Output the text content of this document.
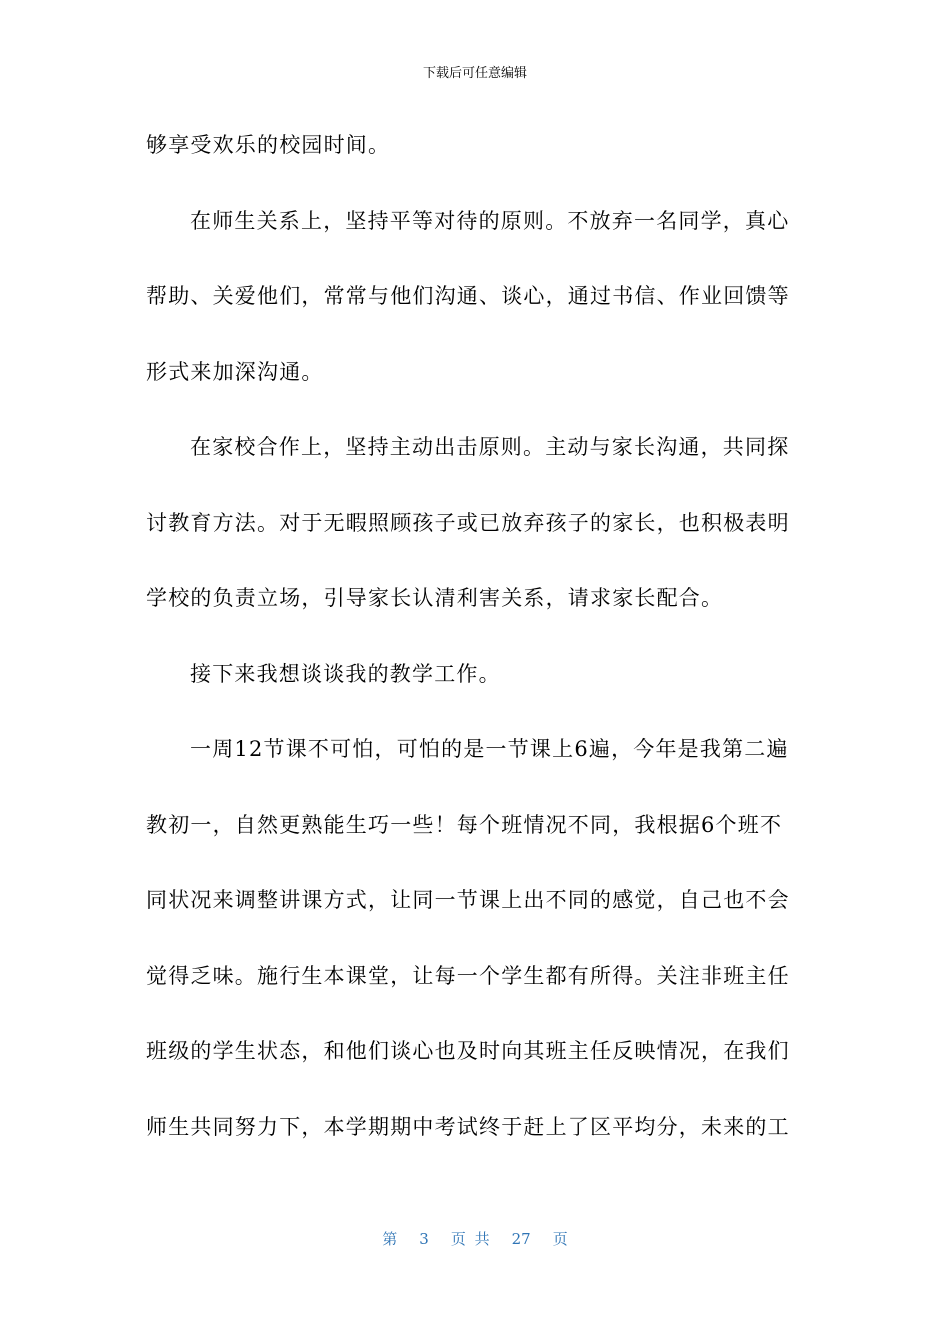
下载后可任意编辑
够享受欢乐的校园时间。
在师生关系上，坚持平等对待的原则。不放弃一名同学，真心
帮助、关爱他们，常常与他们沟通、谈心，通过书信、作业回馈等
形式来加深沟通。
在家校合作上，坚持主动出击原则。主动与家长沟通，共同探
讨教育方法。对于无暇照顾孩子或已放弃孩子的家长，也积极表明
学校的负责立场，引导家长认清利害关系，请求家长配合。
接下来我想谈谈我的教学工作。
一周12节课不可怕，可怕的是一节课上6遍，今年是我第二遍
教初一，自然更熟能生巧一些！每个班情况不同，我根据6个班不
同状况来调整讲课方式，让同一节课上出不同的感觉，自己也不会
觉得乏味。施行生本课堂，让每一个学生都有所得。关注非班主任
班级的学生状态，和他们谈心也及时向其班主任反映情况，在我们
师生共同努力下，本学期期中考试终于赶上了区平均分，未来的工
第 3 页 共 27 页
